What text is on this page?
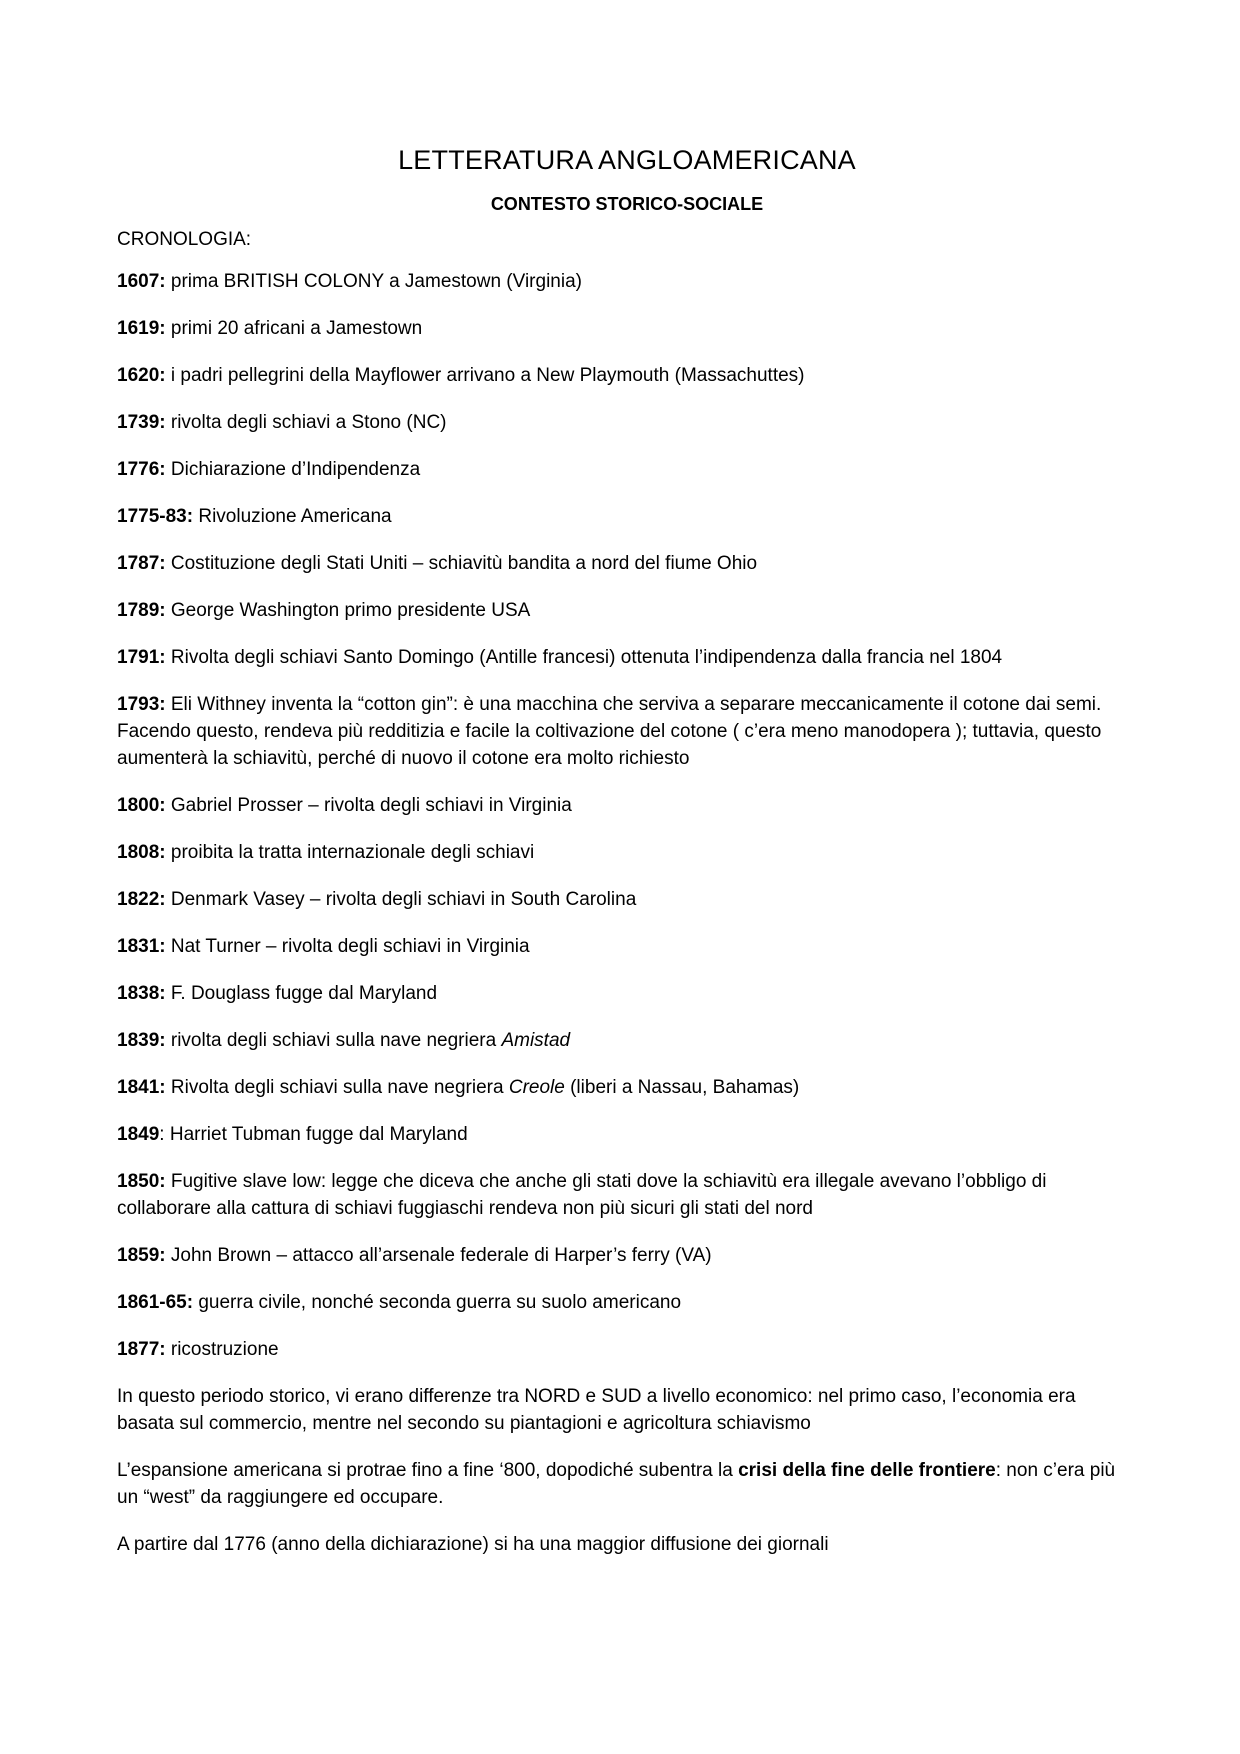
LETTERATURA ANGLOAMERICANA
CONTESTO STORICO-SOCIALE

CRONOLOGIA:

1607: prima BRITISH COLONY a Jamestown (Virginia)
1619: primi 20 africani a Jamestown
1620: i padri pellegrini della Mayflower arrivano a New Playmouth (Massachuttes)
1739: rivolta degli schiavi a Stono (NC)
1776: Dichiarazione d’Indipendenza
1775-83: Rivoluzione Americana
1787: Costituzione degli Stati Uniti – schiavitù bandita a nord del fiume Ohio
1789: George Washington primo presidente USA
1791: Rivolta degli schiavi Santo Domingo (Antille francesi) ottenuta l’indipendenza dalla francia nel 1804
1793: Eli Withney inventa la “cotton gin”: è una macchina che serviva a separare meccanicamente il cotone dai semi. Facendo questo, rendeva più redditizia e facile la coltivazione del cotone ( c’era meno manodopera ); tuttavia, questo aumenterà la schiavitù, perché di nuovo il cotone era molto richiesto
1800: Gabriel Prosser – rivolta degli schiavi in Virginia
1808: proibita la tratta internazionale degli schiavi
1822: Denmark Vasey – rivolta degli schiavi in South Carolina
1831: Nat Turner – rivolta degli schiavi in Virginia
1838: F. Douglass fugge dal Maryland
1839: rivolta degli schiavi sulla nave negriera Amistad
1841: Rivolta degli schiavi sulla nave negriera Creole (liberi a Nassau, Bahamas)
1849: Harriet Tubman fugge dal Maryland
1850: Fugitive slave low: legge che diceva che anche gli stati dove la schiavitù era illegale avevano l’obbligo di collaborare alla cattura di schiavi fuggiaschi rendeva non più sicuri gli stati del nord
1859: John Brown – attacco all’arsenale federale di Harper’s ferry (VA)
1861-65: guerra civile, nonché seconda guerra su suolo americano
1877: ricostruzione

In questo periodo storico, vi erano differenze tra NORD e SUD a livello economico: nel primo caso, l’economia era basata sul commercio, mentre nel secondo su piantagioni e agricoltura schiavismo

L’espansione americana si protrae fino a fine ‘800, dopodiché subentra la crisi della fine delle frontiere: non c’era più un “west” da raggiungere ed occupare.

A partire dal 1776 (anno della dichiarazione) si ha una maggior diffusione dei giornali
